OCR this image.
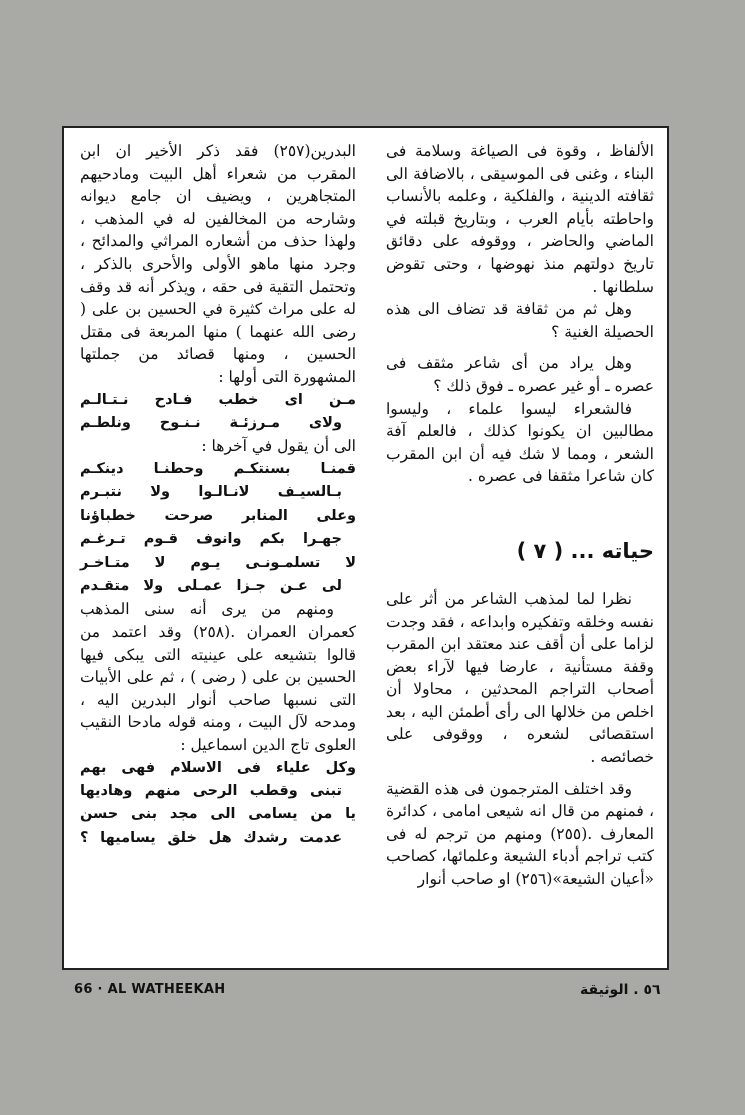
الألفاظ ، وقوة فى الصياغة وسلامة فى البناء ، وغنى فى الموسيقى ، بالاضافة الى ثقافته الدينية ، والفلكية ، وعلمه بالأنساب واحاطته بأيام العرب ، وبتاريخ قبلته في الماضي والحاضر ، ووقوفه على دقائق تاريخ دولتهم منذ نهوضها ، وحتى تقوض سلطانها .

وهل ثم من ثقافة قد تضاف الى هذه الحصيلة الغنية ؟

وهل يراد من أى شاعر مثقف فى عصره ـ أو غير عصره ـ فوق ذلك ؟

فالشعراء ليسوا علماء ، وليسوا مطالبين ان يكونوا كذلك ، فالعلم آفة الشعر ، ومما لا شك فيه أن ابن المقرب كان شاعرا مثقفا فى عصره .

حياته ... ( ٧ )

نظرا لما لمذهب الشاعر من أثر على نفسه وخلقه وتفكيره وابداعه ، فقد وجدت لزاما على أن أقف عند معتقد ابن المقرب وقفة مستأنية ، عارضا فيها لآراء بعض أصحاب التراجم المحدثين ، محاولا أن اخلص من خلالها الى رأى أطمئن اليه ، بعد استقصائى لشعره ، ووقوفى على خصائصه .

وقد اختلف المترجمون فى هذه القضية ، فمنهم من قال انه شيعى امامى ، كدائرة المعارف .(٢٥٥) ومنهم من ترجم له فى كتب تراجم أدباء الشيعة وعلمائها، كصاحب «أعيان الشيعة»(٢٥٦) او صاحب أنوار

البدرين(٢٥٧) فقد ذكر الأخير ان ابن المقرب من شعراء أهل البيت ومادحيهم المتجاهرين ، ويضيف ان جامع ديوانه وشارحه من المخالفين له في المذهب ، ولهذا حذف من أشعاره المراثي والمدائح ، وجرد منها ماهو الأولى والأحرى بالذكر ، وتحتمل التقية فى حقه ، ويذكر أنه قد وقف له على مراث كثيرة في الحسين بن على ( رضى الله عنهما ) منها المربعة فى مقتل الحسين ، ومنها قصائد من جملتها المشهورة التى أولها :

مـن اى خطب فـادح نـتـالـم

ولاى مـرزئـة نـنـوح ونلطـم

الى أن يقول في آخرها :

قمنـا بسنتكـم وحطنـا دينكـم

بـالسيـف لانـالـوا ولا نتبـرم

وعلى المنابر صرحت خطباؤنا

جهـرا بكم وانوف قـوم تـرغـم

لا تسلمـونـى يـوم لا متـاخـر

لى عـن جـزا عمـلى ولا متقـدم

ومنهم من يرى أنه سنى المذهب كعمران العمران .(٢٥٨) وقد اعتمد من قالوا بتشيعه على عينيته التى يبكى فيها الحسين بن على ( رضى ) ، ثم على الأبيات التى نسبها صاحب أنوار البدرين اليه ، ومدحه لآل البيت ، ومنه قوله مادحا النقيب العلوى تاج الدين اسماعيل :

وكل علياء فى الاسلام فهى بهم

تبنى وقطب الرحى منهم وهاديها

يا من يسامى الى مجد بنى حسن

عدمت رشدك هل خلق يساميها ؟

66 · AL WATHEEKAH	٥٦ . الوثيقة
